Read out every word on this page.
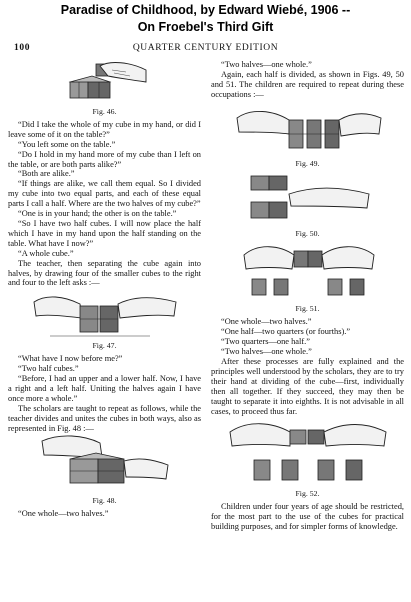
Paradise of Childhood, by Edward Wiebé, 1906 --
On Froebel's Third Gift
100	QUARTER CENTURY EDITION
Fig. 46.

“Did I take the whole of my cube in my hand, or did I leave some of it on the table?”

“You left some on the table.”

“Do I hold in my hand more of my cube than I left on the table, or are both parts alike?”

“Both are alike.”

“If things are alike, we call them equal. So I divided my cube into two equal parts, and each of these equal parts I call a half. Where are the two halves of my cube?”

“One is in your hand; the other is on the table.”

“So I have two half cubes. I will now place the half which I have in my hand upon the half standing on the table. What have I now?”

“A whole cube.”

The teacher, then separating the cube again into halves, by drawing four of the smaller cubes to the right and four to the left asks :—

Fig. 47.

“What have I now before me?”

“Two half cubes.”

“Before, I had an upper and a lower half. Now, I have a right and a left half. Uniting the halves again I have once more a whole.”

The scholars are taught to repeat as follows, while the teacher divides and unites the cubes in both ways, also as represented in Fig. 48 :—

Fig. 48.

“One whole—two halves.”

“Two halves—one whole.”

Again, each half is divided, as shown in Figs. 49, 50 and 51. The children are required to repeat during these occupations :—

Fig. 49.
Fig. 50.
Fig. 51.

“One whole—two halves.”

“One half—two quarters (or fourths).”

“Two quarters—one half.”

“Two halves—one whole.”

After these processes are fully explained and the principles well understood by the scholars, they are to try their hand at dividing of the cube—first, individually then all together. If they succeed, they may then be taught to separate it into eighths. It is not advisable in all cases, to proceed thus far.

Fig. 52.

Children under four years of age should be restricted, for the most part to the use of the cubes for practical building purposes, and for simpler forms of knowledge.
